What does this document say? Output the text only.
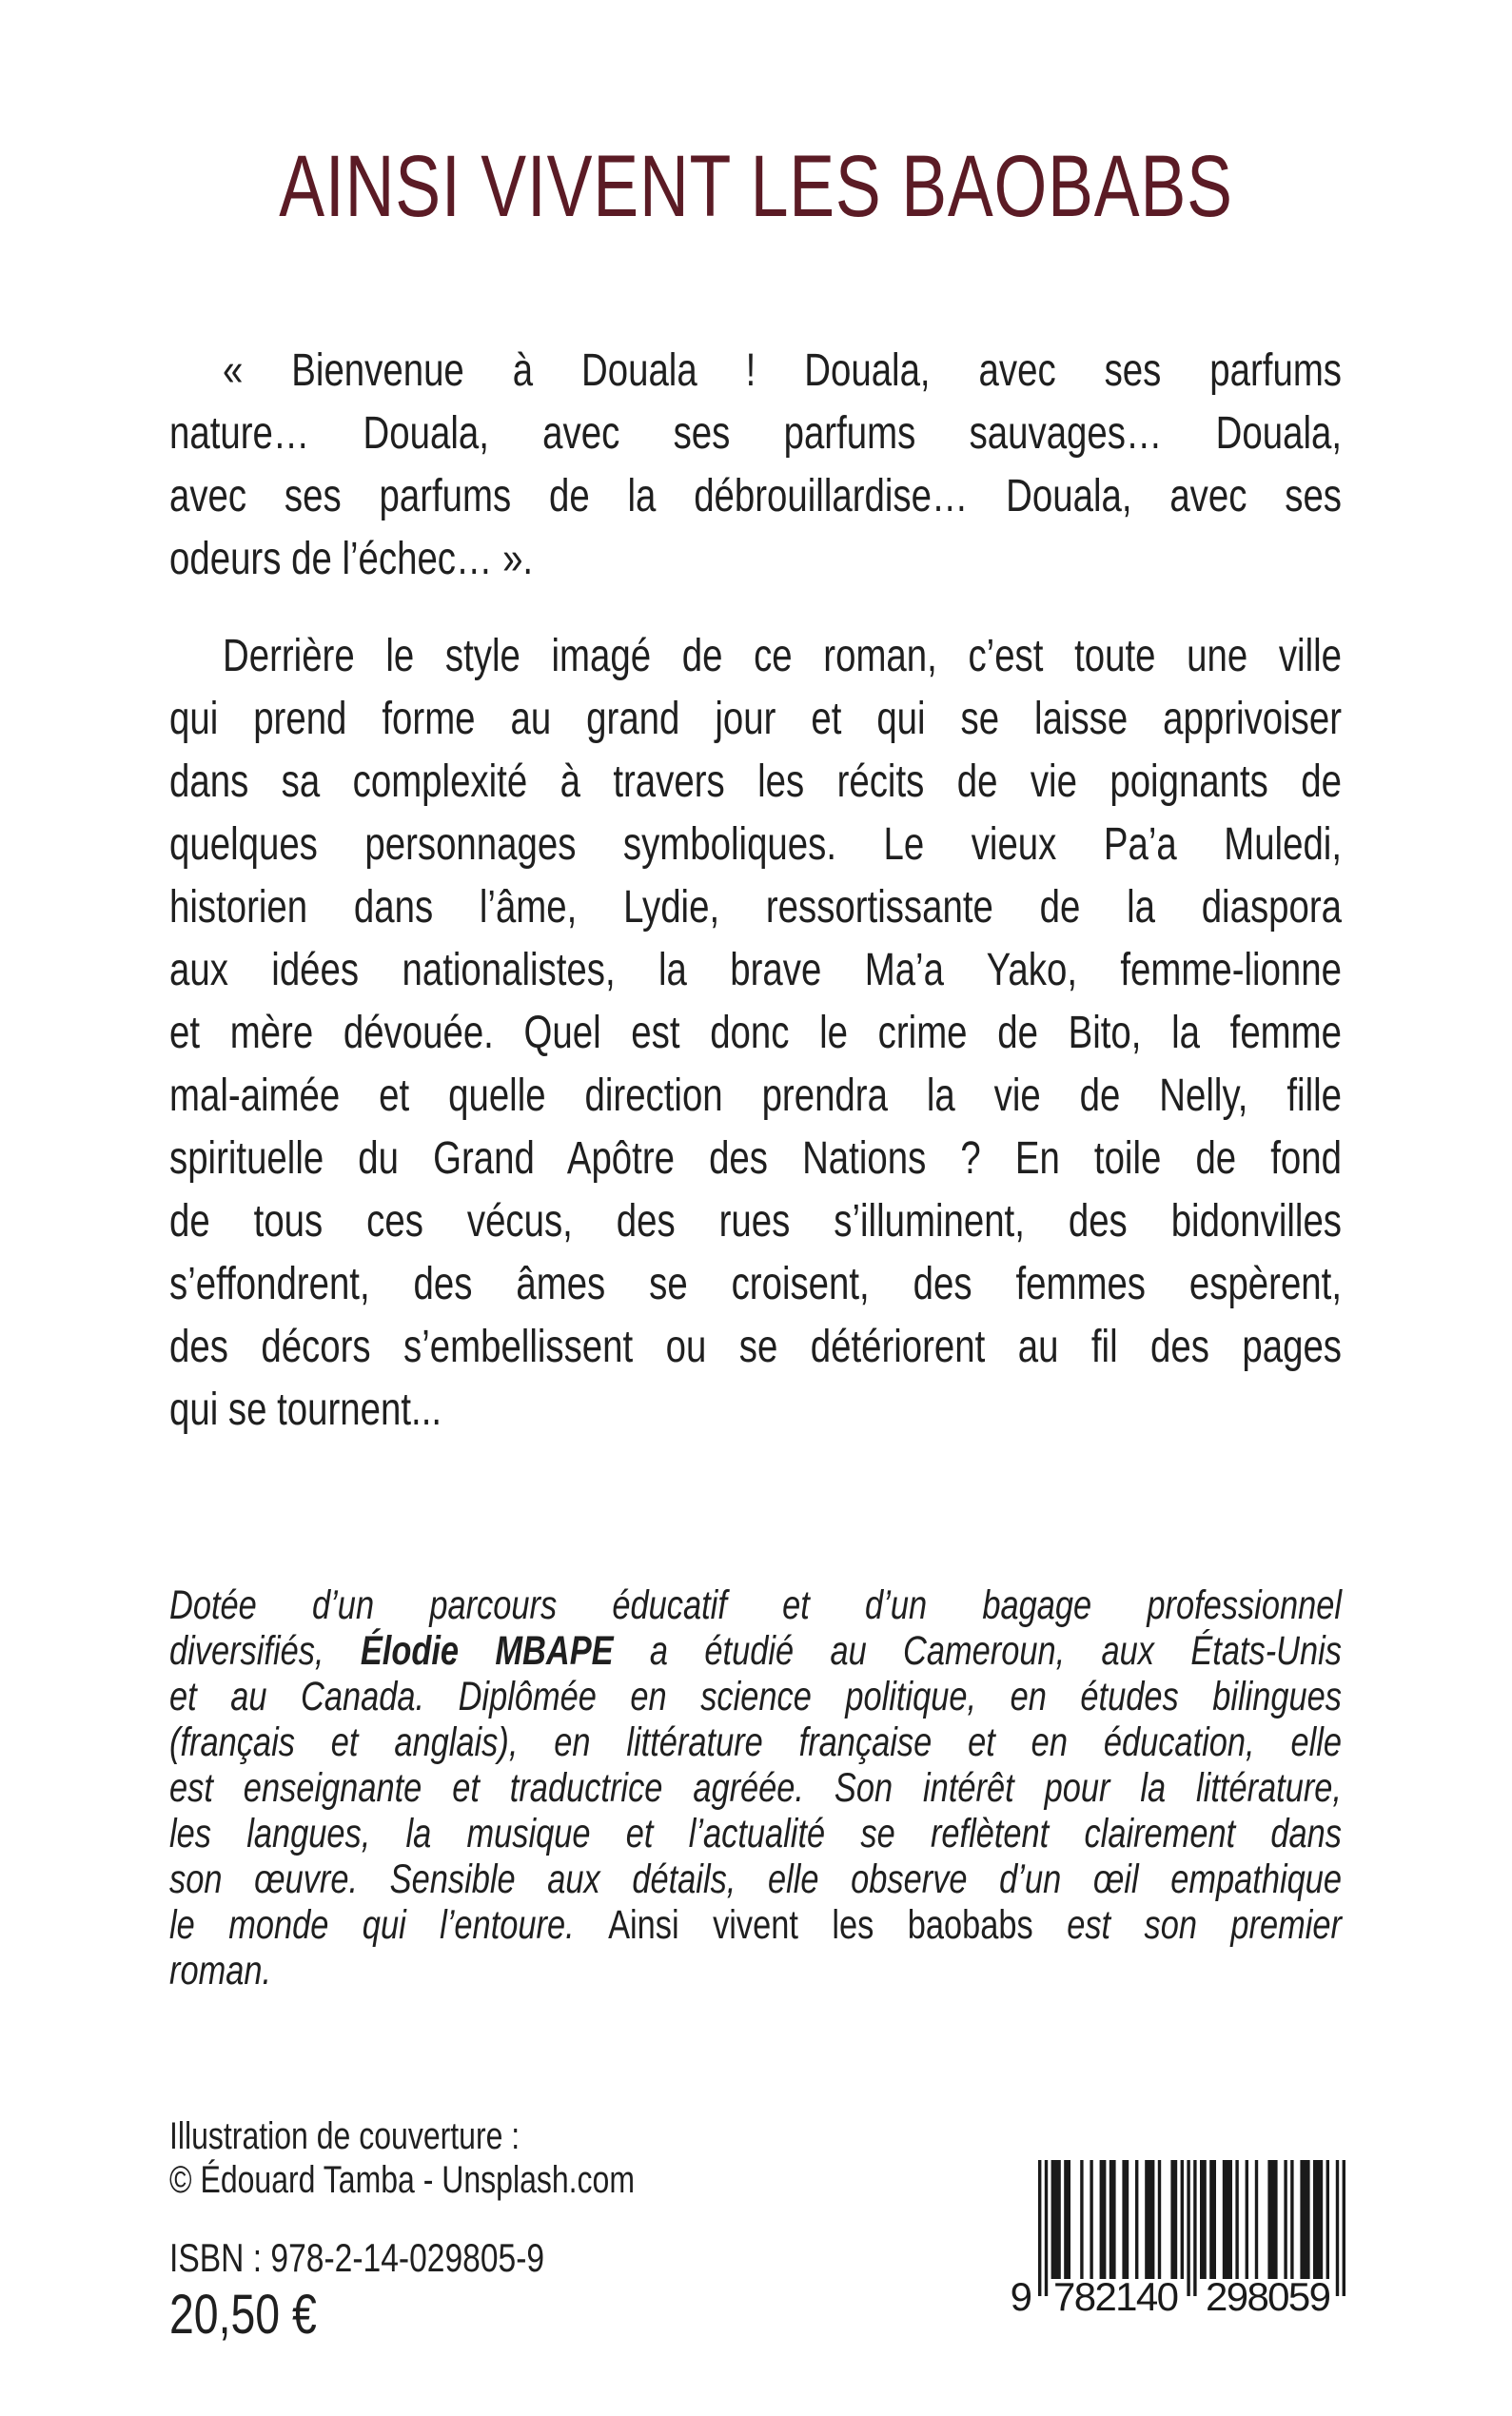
AINSI VIVENT LES BAOBABS
« Bienvenue à Douala ! Douala, avec ses parfums
nature… Douala, avec ses parfums sauvages… Douala,
avec ses parfums de la débrouillardise… Douala, avec ses
odeurs de l’échec… ».
Derrière le style imagé de ce roman, c’est toute une ville
qui prend forme au grand jour et qui se laisse apprivoiser
dans sa complexité à travers les récits de vie poignants de
quelques personnages symboliques. Le vieux Pa’a Muledi,
historien dans l’âme, Lydie, ressortissante de la diaspora
aux idées nationalistes, la brave Ma’a Yako, femme-lionne
et mère dévouée. Quel est donc le crime de Bito, la femme
mal-aimée et quelle direction prendra la vie de Nelly, fille
spirituelle du Grand Apôtre des Nations ? En toile de fond
de tous ces vécus, des rues s’illuminent, des bidonvilles
s’effondrent, des âmes se croisent, des femmes espèrent,
des décors s’embellissent ou se détériorent au fil des pages
qui se tournent...
Dotée d’un parcours éducatif et d’un bagage professionnel
diversifiés, Élodie MBAPE a étudié au Cameroun, aux États-Unis
et au Canada. Diplômée en science politique, en études bilingues
(français et anglais), en littérature française et en éducation, elle
est enseignante et traductrice agréée. Son intérêt pour la littérature,
les langues, la musique et l’actualité se reflètent clairement dans
son œuvre. Sensible aux détails, elle observe d’un œil empathique
le monde qui l’entoure. Ainsi vivent les baobabs est son premier
roman.
Illustration de couverture :
© Édouard Tamba - Unsplash.com
ISBN : 978-2-14-029805-9
20,50 €	9 782140 298059
